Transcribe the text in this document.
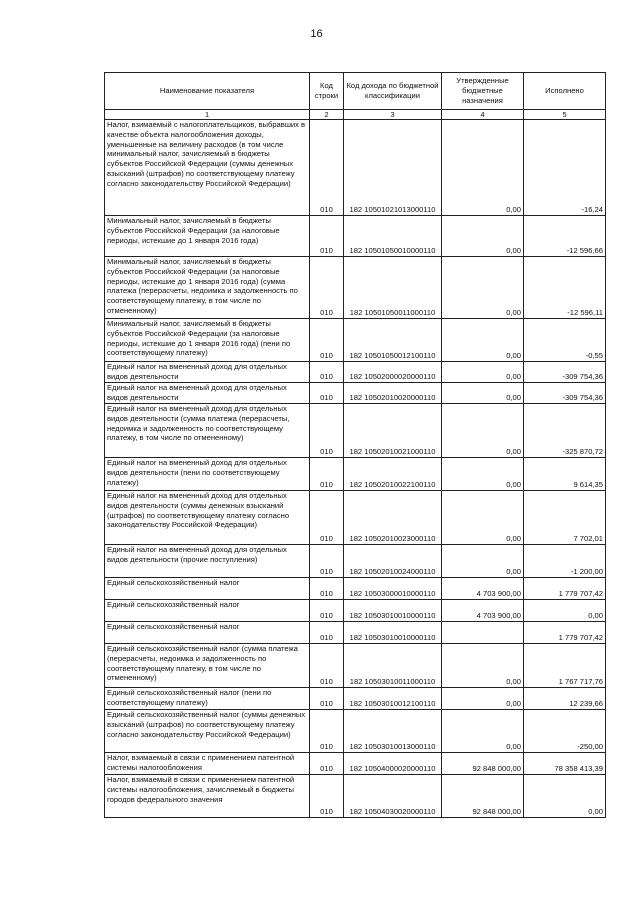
16
Наименование показателя	Код строки	Код дохода по бюджетной классификации	Утвержденные бюджетные назначения	Исполнено
1	2	3	4	5
Налог, взимаемый с налогоплательщиков, выбравших в качестве объекта налогообложения доходы, уменьшенные на величину расходов (в том числе минимальный налог, зачисляемый в бюджеты субъектов Российской Федерации (суммы денежных взысканий (штрафов) по соответствующему платежу согласно законодательству Российской Федерации)	010	182 10501021013000110	0,00	-16,24
Минимальный налог, зачисляемый в бюджеты субъектов Российской Федерации (за налоговые периоды, истекшие до 1 января 2016 года)	010	182 10501050010000110	0,00	-12 596,66
Минимальный налог, зачисляемый в бюджеты субъектов Российской Федерации (за налоговые периоды, истекшие до 1 января 2016 года) (сумма платежа (перерасчеты, недоимка и задолженность по соответствующему платежу, в том числе по отмененному)	010	182 10501050011000110	0,00	-12 596,11
Минимальный налог, зачисляемый в бюджеты субъектов Российской Федерации (за налоговые периоды, истекшие до 1 января 2016 года) (пени по соответствующему платежу)	010	182 10501050012100110	0,00	-0,55
Единый налог на вмененный доход для отдельных видов деятельности	010	182 10502000020000110	0,00	-309 754,36
Единый налог на вмененный доход для отдельных видов деятельности	010	182 10502010020000110	0,00	-309 754,36
Единый налог на вмененный доход для отдельных видов деятельности (сумма платежа (перерасчеты, недоимка и задолженность по соответствующему платежу, в том числе по отмененному)	010	182 10502010021000110	0,00	-325 870,72
Единый налог на вмененный доход для отдельных видов деятельности (пени по соответствующему платежу)	010	182 10502010022100110	0,00	9 614,35
Единый налог на вмененный доход для отдельных видов деятельности (суммы денежных взысканий (штрафов) по соответствующему платежу согласно законодательству Российской Федерации)	010	182 10502010023000110	0,00	7 702,01
Единый налог на вмененный доход для отдельных видов деятельности (прочие поступления)	010	182 10502010024000110	0,00	-1 200,00
Единый сельскохозяйственный налог	010	182 10503000010000110	4 703 900,00	1 779 707,42
Единый сельскохозяйственный налог	010	182 10503010010000110	4 703 900,00	0,00
Единый сельскохозяйственный налог	010	182 10503010010000110		1 779 707,42
Единый сельскохозяйственный налог (сумма платежа (перерасчеты, недоимка и задолженность по соответствующему платежу, в том числе по отмененному)	010	182 10503010011000110	0,00	1 767 717,76
Единый сельскохозяйственный налог (пени по соответствующему платежу)	010	182 10503010012100110	0,00	12 239,66
Единый сельскохозяйственный налог (суммы денежных взысканий (штрафов) по соответствующему платежу согласно законодательству Российской Федерации)	010	182 10503010013000110	0,00	-250,00
Налог, взимаемый в связи с применением патентной системы налогообложения	010	182 10504000020000110	92 848 000,00	78 358 413,39
Налог, взимаемый в связи с применением патентной системы налогообложения, зачисляемый в бюджеты городов федерального значения	010	182 10504030020000110	92 848 000,00	0,00
